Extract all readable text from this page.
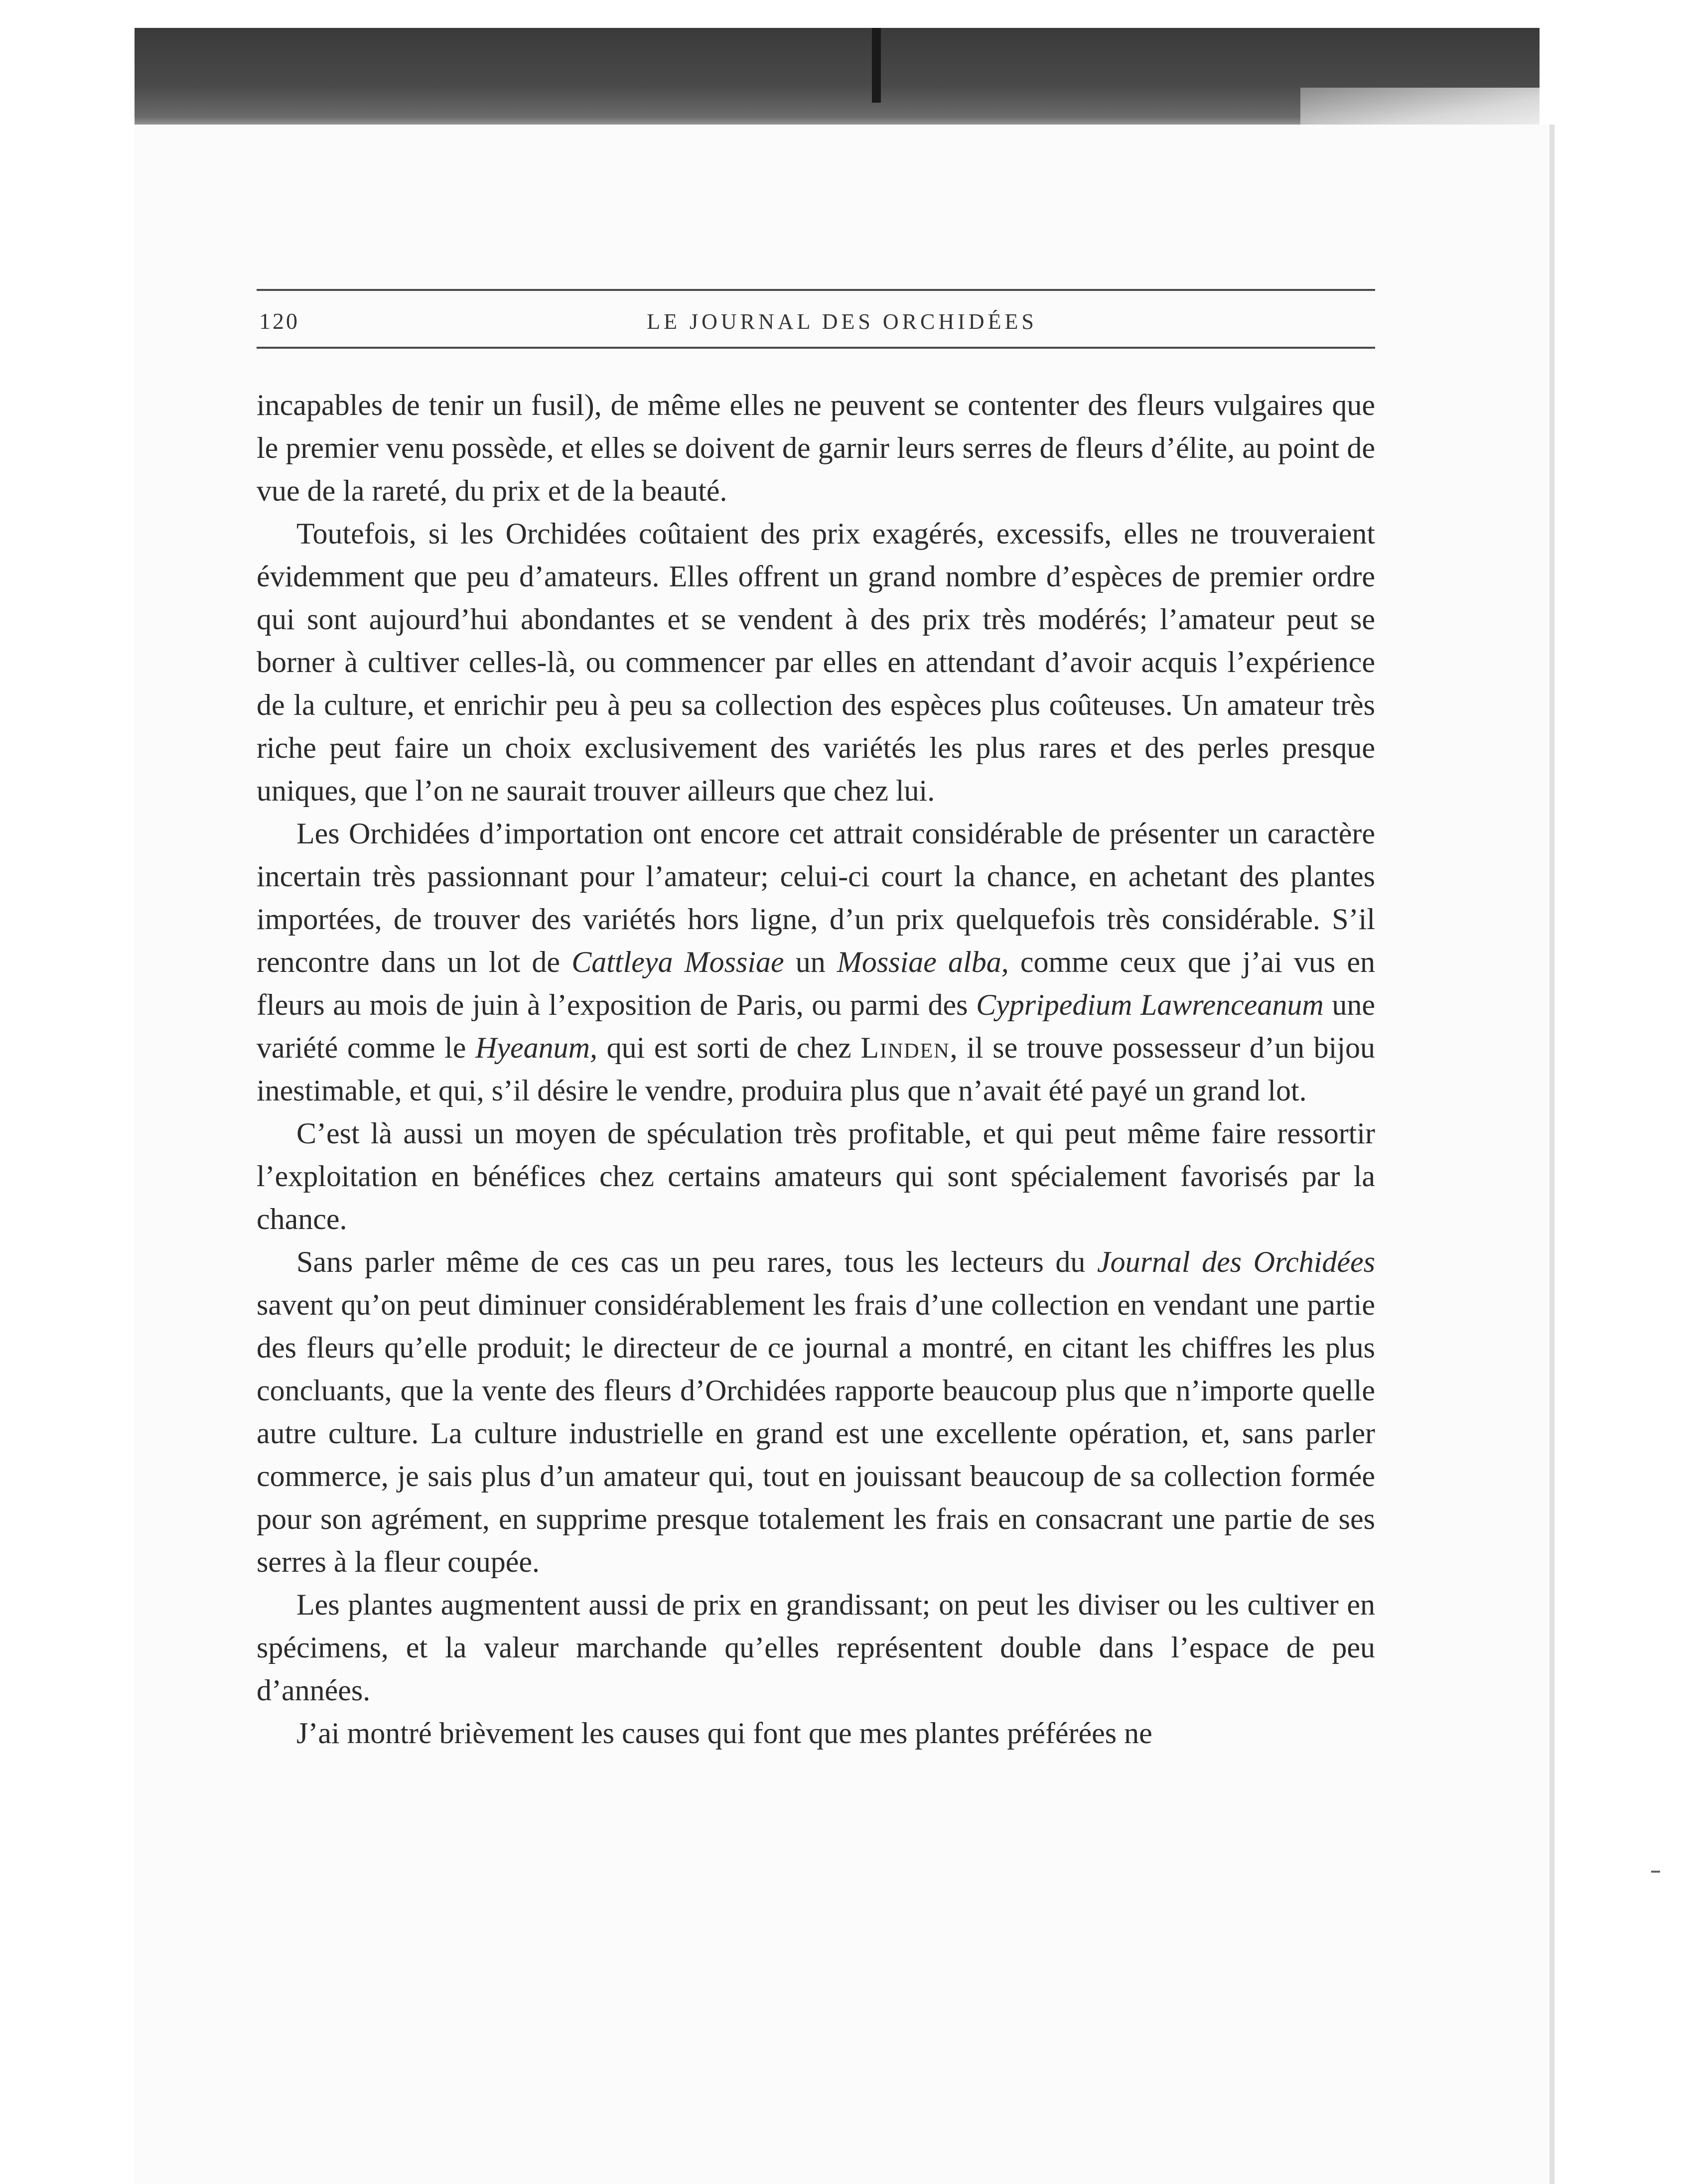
120	LE JOURNAL DES ORCHIDÉES

incapables de tenir un fusil), de même elles ne peuvent se contenter des fleurs vulgaires que le premier venu possède, et elles se doivent de garnir leurs serres de fleurs d’élite, au point de vue de la rareté, du prix et de la beauté.

Toutefois, si les Orchidées coûtaient des prix exagérés, excessifs, elles ne trouveraient évidemment que peu d’amateurs. Elles offrent un grand nombre d’espèces de premier ordre qui sont aujourd’hui abondantes et se vendent à des prix très modérés; l’amateur peut se borner à cultiver celles-là, ou commencer par elles en attendant d’avoir acquis l’expérience de la culture, et enrichir peu à peu sa collection des espèces plus coûteuses. Un amateur très riche peut faire un choix exclusivement des variétés les plus rares et des perles presque uniques, que l’on ne saurait trouver ailleurs que chez lui.

Les Orchidées d’importation ont encore cet attrait considérable de présenter un caractère incertain très passionnant pour l’amateur; celui-ci court la chance, en achetant des plantes importées, de trouver des variétés hors ligne, d’un prix quelquefois très considérable. S’il rencontre dans un lot de Cattleya Mossiae un Mossiae alba, comme ceux que j’ai vus en fleurs au mois de juin à l’exposition de Paris, ou parmi des Cypripedium Lawrenceanum une variété comme le Hyeanum, qui est sorti de chez Linden, il se trouve possesseur d’un bijou inestimable, et qui, s’il désire le vendre, produira plus que n’avait été payé un grand lot.

C’est là aussi un moyen de spéculation très profitable, et qui peut même faire ressortir l’exploitation en bénéfices chez certains amateurs qui sont spécialement favorisés par la chance.

Sans parler même de ces cas un peu rares, tous les lecteurs du Journal des Orchidées savent qu’on peut diminuer considérablement les frais d’une collection en vendant une partie des fleurs qu’elle produit; le directeur de ce journal a montré, en citant les chiffres les plus concluants, que la vente des fleurs d’Orchidées rapporte beaucoup plus que n’importe quelle autre culture. La culture industrielle en grand est une excellente opération, et, sans parler commerce, je sais plus d’un amateur qui, tout en jouissant beaucoup de sa collection formée pour son agrément, en supprime presque totalement les frais en consacrant une partie de ses serres à la fleur coupée.

Les plantes augmentent aussi de prix en grandissant; on peut les diviser ou les cultiver en spécimens, et la valeur marchande qu’elles représentent double dans l’espace de peu d’années.

J’ai montré brièvement les causes qui font que mes plantes préférées ne
